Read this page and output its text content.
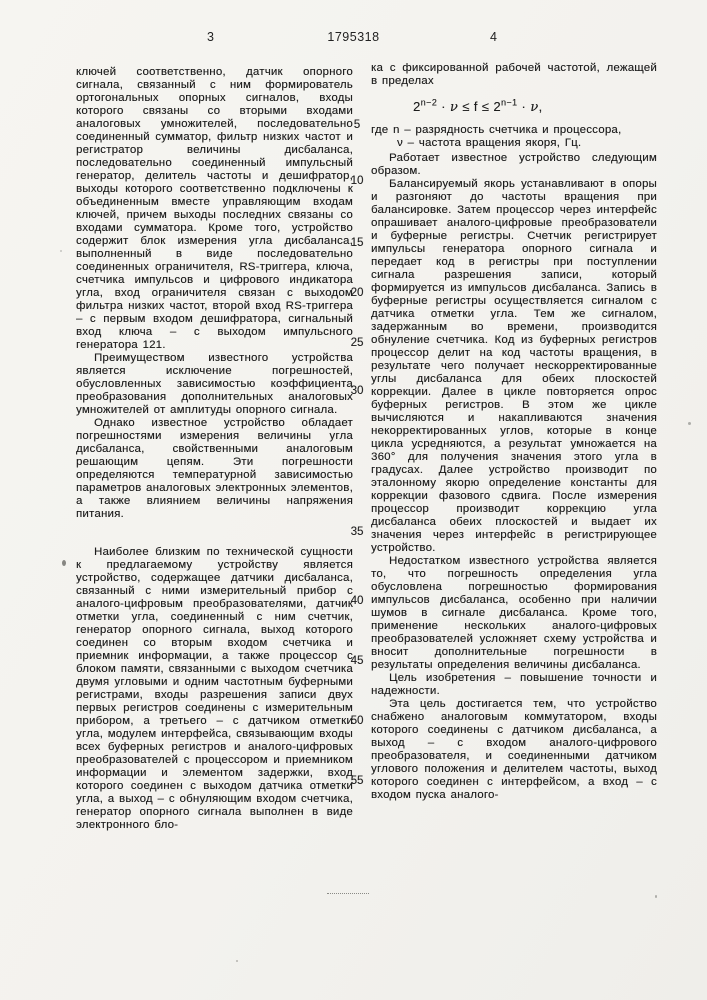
3	1795318	4

ключей соответственно, датчик опорного сигнала, связанный с ним формирователь ортогональных опорных сигналов, входы которого связаны со вторыми входами аналоговых умножителей, последовательно соединенный сумматор, фильтр низких частот и регистратор величины дисбаланса, последовательно соединенный импульсный генератор, делитель частоты и дешифратор, выходы которого соответственно подключены к объединенным вместе управляющим входам ключей, причем выходы последних связаны со входами сумматора. Кроме того, устройство содержит блок измерения угла дисбаланса, выполненный в виде последовательно соединенных ограничителя, RS-триггера, ключа, счетчика импульсов и цифрового индикатора угла, вход ограничителя связан с выходом фильтра низких частот, второй вход RS-триггера – с первым входом дешифратора, сигнальный вход ключа – с выходом импульсного генератора 121.

Преимуществом известного устройства является исключение погрешностей, обусловленных зависимостью коэффициента преобразования дополнительных аналоговых умножителей от амплитуды опорного сигнала.

Однако известное устройство обладает погрешностями измерения величины угла дисбаланса, свойственными аналоговым решающим цепям. Эти погрешности определяются температурной зависимостью параметров аналоговых электронных элементов, а также влиянием величины напряжения питания.

Наиболее близким по технической сущности к предлагаемому устройству является устройство, содержащее датчики дисбаланса, связанный с ними измерительный прибор с аналого-цифровым преобразователями, датчик отметки угла, соединенный с ним счетчик, генератор опорного сигнала, выход которого соединен со вторым входом счетчика и приемник информации, а также процессор с блоком памяти, связанными с выходом счетчика двумя угловыми и одним частотным буферными регистрами, входы разрешения записи двух первых регистров соединены с измерительным прибором, а третьего – с датчиком отметки угла, модулем интерфейса, связывающим входы всех буферных регистров и аналого-цифровых преобразователей с процессором и приемником информации и элементом задержки, вход которого соединен с выходом датчика отметки угла, а выход – с обнуляющим входом счетчика, генератор опорного сигнала выполнен в виде электронного бло-

ка с фиксированной рабочей частотой, лежащей в пределах

$2^{n-2} \cdot \nu \le f \le 2^{n-1} \cdot \nu$,

где n – разрядность счетчика и процессора,

ν – частота вращения якоря, Гц.

Работает известное устройство следующим образом.

Балансируемый якорь устанавливают в опоры и разгоняют до частоты вращения при балансировке. Затем процессор через интерфейс опрашивает аналого-цифровые преобразователи и буферные регистры. Счетчик регистрирует импульсы генератора опорного сигнала и передает код в регистры при поступлении сигнала разрешения записи, который формируется из импульсов дисбаланса. Запись в буферные регистры осуществляется сигналом с датчика отметки угла. Тем же сигналом, задержанным во времени, производится обнуление счетчика. Код из буферных регистров процессор делит на код частоты вращения, в результате чего получает нескорректированные углы дисбаланса для обеих плоскостей коррекции. Далее в цикле повторяется опрос буферных регистров. В этом же цикле вычисляются и накапливаются значения некорректированных углов, которые в конце цикла усредняются, а результат умножается на 360° для получения значения этого угла в градусах. Далее устройство производит по эталонному якорю определение константы для коррекции фазового сдвига. После измерения процессор производит коррекцию угла дисбаланса обеих плоскостей и выдает их значения через интерфейс в регистрирующее устройство.

Недостатком известного устройства является то, что погрешность определения угла обусловлена погрешностью формирования импульсов дисбаланса, особенно при наличии шумов в сигнале дисбаланса. Кроме того, применение нескольких аналого-цифровых преобразователей усложняет схему устройства и вносит дополнительные погрешности в результаты определения величины дисбаланса.

Цель изобретения – повышение точности и надежности.

Эта цель достигается тем, что устройство снабжено аналоговым коммутатором, входы которого соединены с датчиком дисбаланса, а выход – с входом аналого-цифрового преобразователя, и соединенными датчиком углового положения и делителем частоты, выход которого соединен с интерфейсом, а вход – с входом пуска аналого-

5
10
15
20
25
30
35
40
45
50
55
